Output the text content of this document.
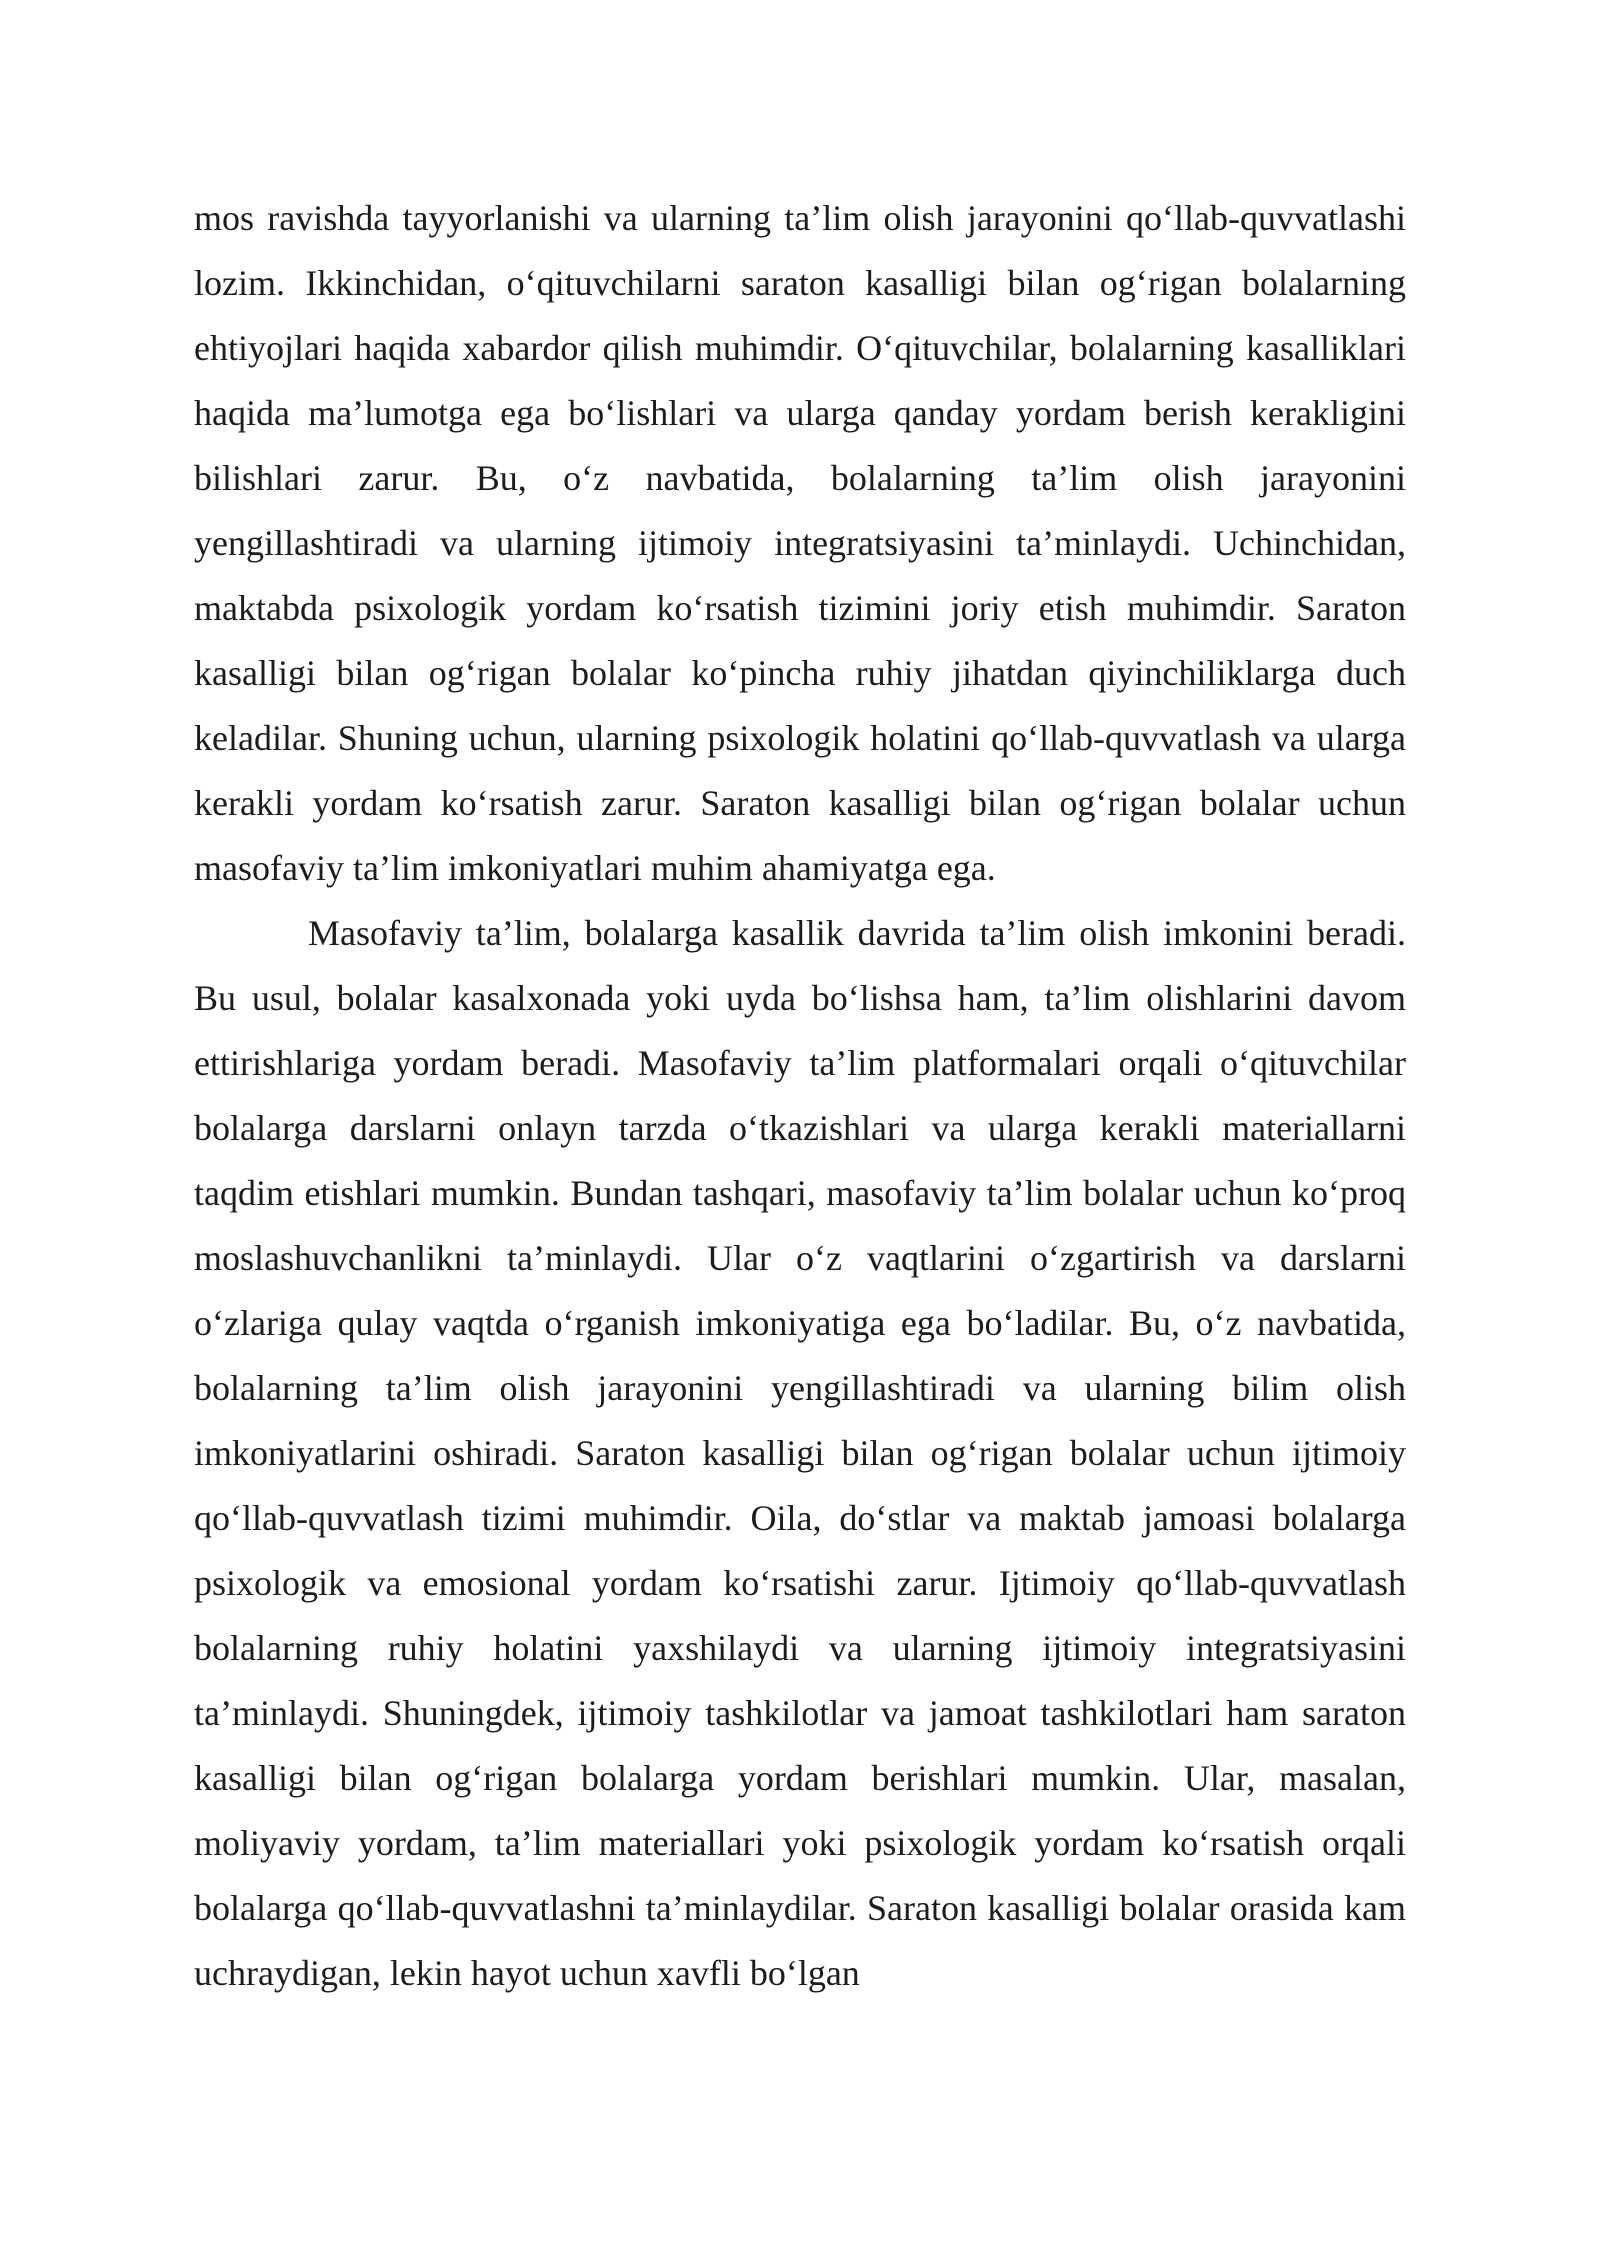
mos ravishda tayyorlanishi va ularning ta’lim olish jarayonini qo‘llab-quvvatlashi lozim. Ikkinchidan, o‘qituvchilarni saraton kasalligi bilan og‘rigan bolalarning ehtiyojlari haqida xabardor qilish muhimdir. O‘qituvchilar, bolalarning kasalliklari haqida ma’lumotga ega bo‘lishlari va ularga qanday yordam berish kerakligini bilishlari zarur. Bu, o‘z navbatida, bolalarning ta’lim olish jarayonini yengillashtiradi va ularning ijtimoiy integratsiyasini ta’minlaydi. Uchinchidan, maktabda psixologik yordam ko‘rsatish tizimini joriy etish muhimdir. Saraton kasalligi bilan og‘rigan bolalar ko‘pincha ruhiy jihatdan qiyinchiliklarga duch keladilar. Shuning uchun, ularning psixologik holatini qo‘llab-quvvatlash va ularga kerakli yordam ko‘rsatish zarur. Saraton kasalligi bilan og‘rigan bolalar uchun masofaviy ta’lim imkoniyatlari muhim ahamiyatga ega.

Masofaviy ta’lim, bolalarga kasallik davrida ta’lim olish imkonini beradi. Bu usul, bolalar kasalxonada yoki uyda bo‘lishsa ham, ta’lim olishlarini davom ettirishlariga yordam beradi. Masofaviy ta’lim platformalari orqali o‘qituvchilar bolalarga darslarni onlayn tarzda o‘tkazishlari va ularga kerakli materiallarni taqdim etishlari mumkin. Bundan tashqari, masofaviy ta’lim bolalar uchun ko‘proq moslashuvchanlikni ta’minlaydi. Ular o‘z vaqtlarini o‘zgartirish va darslarni o‘zlariga qulay vaqtda o‘rganish imkoniyatiga ega bo‘ladilar. Bu, o‘z navbatida, bolalarning ta’lim olish jarayonini yengillashtiradi va ularning bilim olish imkoniyatlarini oshiradi. Saraton kasalligi bilan og‘rigan bolalar uchun ijtimoiy qo‘llab-quvvatlash tizimi muhimdir. Oila, do‘stlar va maktab jamoasi bolalarga psixologik va emosional yordam ko‘rsatishi zarur. Ijtimoiy qo‘llab-quvvatlash bolalarning ruhiy holatini yaxshilaydi va ularning ijtimoiy integratsiyasini ta’minlaydi. Shuningdek, ijtimoiy tashkilotlar va jamoat tashkilotlari ham saraton kasalligi bilan og‘rigan bolalarga yordam berishlari mumkin. Ular, masalan, moliyaviy yordam, ta’lim materiallari yoki psixologik yordam ko‘rsatish orqali bolalarga qo‘llab-quvvatlashni ta’minlaydilar. Saraton kasalligi bolalar orasida kam uchraydigan, lekin hayot uchun xavfli bo‘lgan
